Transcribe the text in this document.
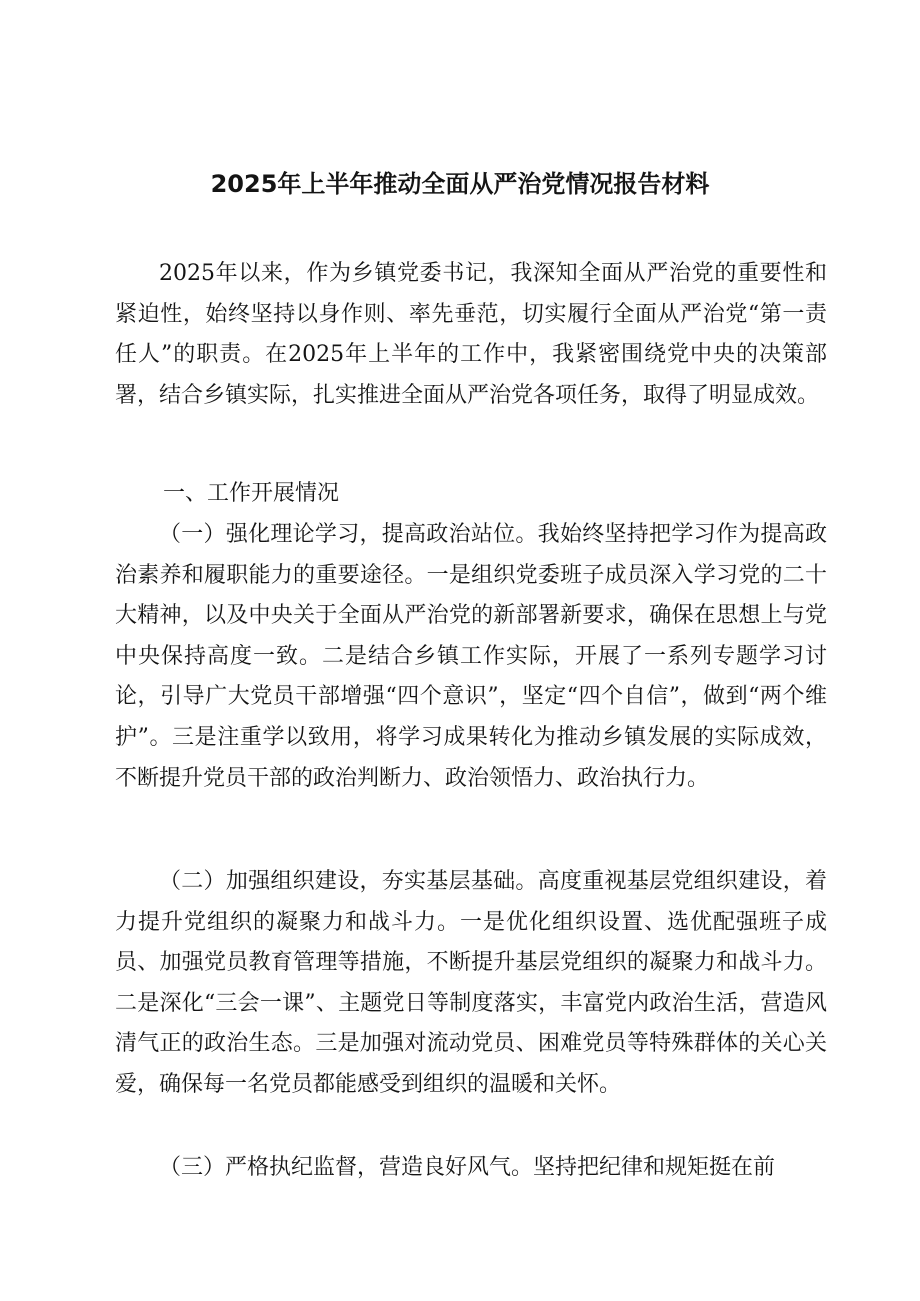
2025年上半年推动全面从严治党情况报告材料
2025年以来，作为乡镇党委书记，我深知全面从严治党的重要性和紧迫性，始终坚持以身作则、率先垂范，切实履行全面从严治党“第一责任人”的职责。在2025年上半年的工作中，我紧密围绕党中央的决策部署，结合乡镇实际，扎实推进全面从严治党各项任务，取得了明显成效。
一、工作开展情况
（一）强化理论学习，提高政治站位。我始终坚持把学习作为提高政治素养和履职能力的重要途径。一是组织党委班子成员深入学习党的二十大精神，以及中央关于全面从严治党的新部署新要求，确保在思想上与党中央保持高度一致。二是结合乡镇工作实际，开展了一系列专题学习讨论，引导广大党员干部增强“四个意识”，坚定“四个自信”，做到“两个维护”。三是注重学以致用，将学习成果转化为推动乡镇发展的实际成效，不断提升党员干部的政治判断力、政治领悟力、政治执行力。
（二）加强组织建设，夯实基层基础。高度重视基层党组织建设，着力提升党组织的凝聚力和战斗力。一是优化组织设置、选优配强班子成员、加强党员教育管理等措施，不断提升基层党组织的凝聚力和战斗力。二是深化“三会一课”、主题党日等制度落实，丰富党内政治生活，营造风清气正的政治生态。三是加强对流动党员、困难党员等特殊群体的关心关爱，确保每一名党员都能感受到组织的温暖和关怀。
（三）严格执纪监督，营造良好风气。坚持把纪律和规矩挺在前
